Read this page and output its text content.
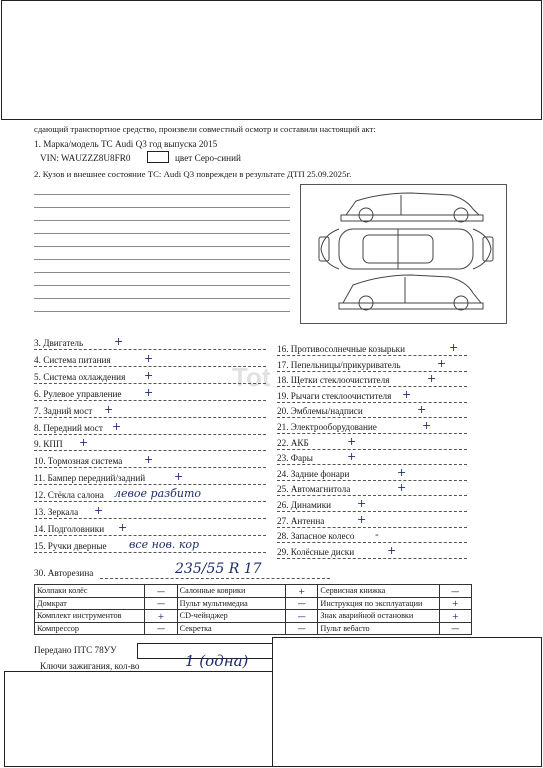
сдающий транспортное средство, произвели совместный осмотр и составили настоящий акт:
1. Марка/модель ТС Audi Q3 год выпуска 2015
VIN: WAUZZZ8U8FR0	цвет Серо-синий
2. Кузов и внешнее состояние ТС: Audi Q3 поврежден в результате ДТП 25.09.2025г.
Tot
3. Двигатель	+
4. Система питания	+
5. Система охлаждения +
6. Рулевое управление +
7. Задний мост +
8. Передний мост +
9. КПП +
10. Тормозная система +
11. Бампер передний/задний	+
12. Стёкла салона левое разбито
13. Зеркала +
14. Подголовники +
15. Ручки дверные все нов. кор
16. Противосолнечные козырьки	+
17. Пепельницы/прикуриватель	+
18. Щетки стеклоочистителя	+
19. Рычаги стеклоочистителя +
20. Эмблемы/надписи	+
21. Электрооборудование	+
22. АКБ	+
23. Фары	+
24. Задние фонари	+
25. Автомагнитола	+
26. Динамики +
27. Антенна	+
28. Запасное колесо -
29. Колёсные диски	+
30. Авторезина	235/55 R 17
Колпаки колёс	—	Салонные коврики	+	Сервисная книжка	—
Домкрат	—	Пульт мультимедиа	—	Инструкция по эксплуатации	+
Комплект инструментов	+	CD-чейнджер	—	Знак аварийной остановки	+
Компрессор	—	Секретка	—	Пульт вебасто	—
Передано ПТС 78УУ
Ключи зажигания, кол-во	1 (одна)
